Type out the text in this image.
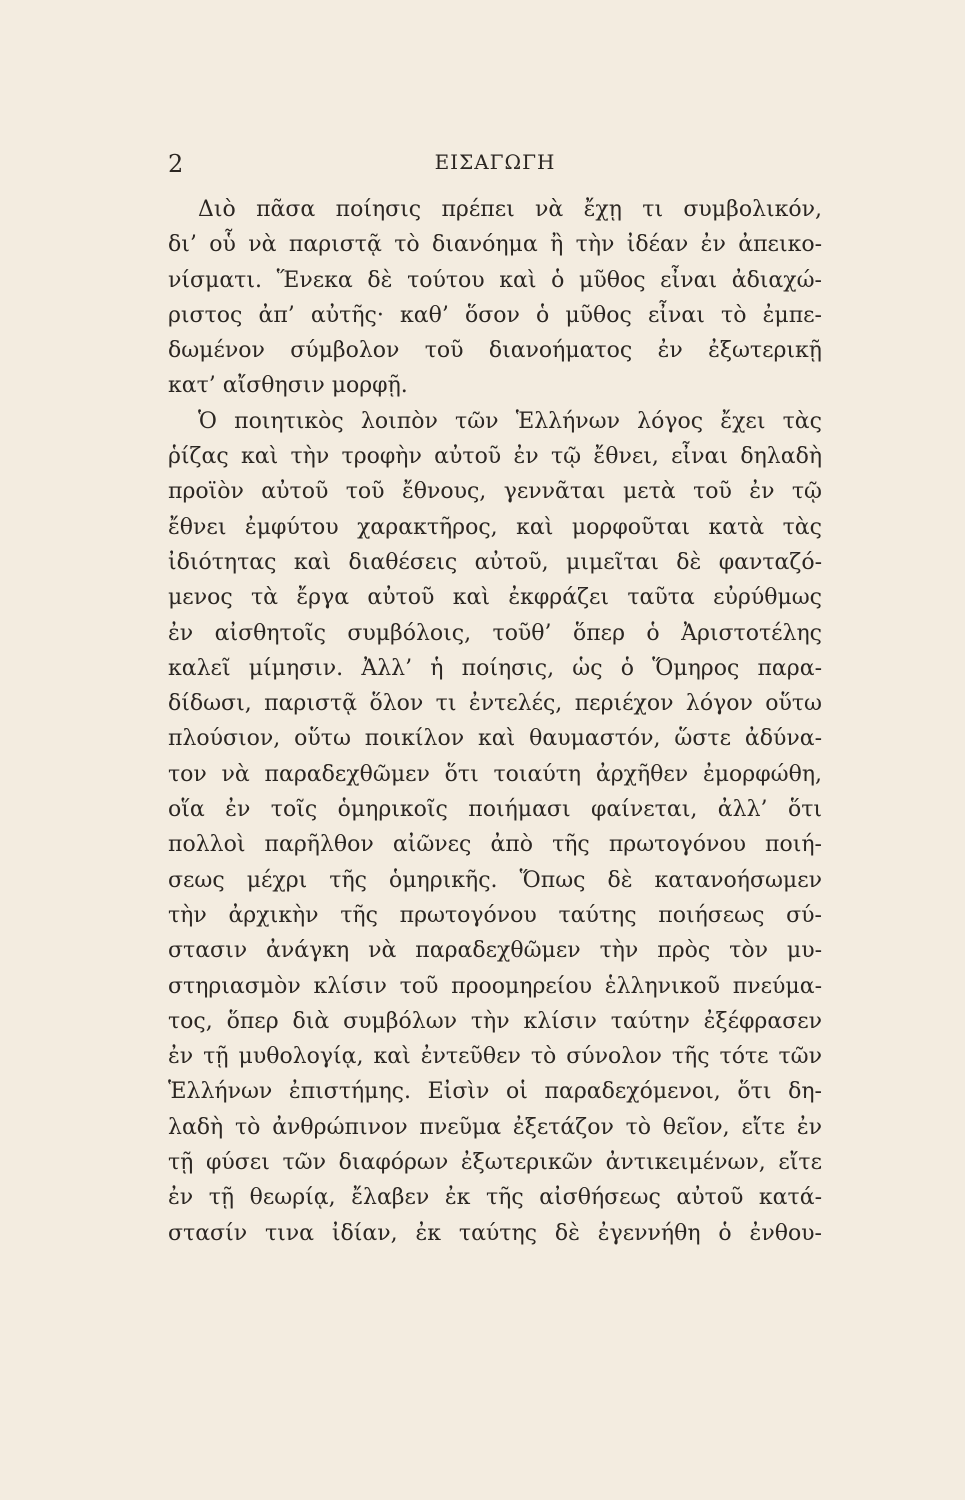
2	ΕΙΣΑΓΩΓΗ
Διὸ πᾶσα ποίησις πρέπει νὰ ἔχῃ τι συμβολικόν,
δι’ οὗ νὰ παριστᾷ τὸ διανόημα ἢ τὴν ἰδέαν ἐν ἀπεικο-
νίσματι. Ἕνεκα δὲ τούτου καὶ ὁ μῦθος εἶναι ἀδιαχώ-
ριστος ἀπ’ αὐτῆς· καθ’ ὅσον ὁ μῦθος εἶναι τὸ ἐμπε-
δωμένον σύμβολον τοῦ διανοήματος ἐν ἐξωτερικῇ
κατ’ αἴσθησιν μορφῇ.
Ὁ ποιητικὸς λοιπὸν τῶν Ἑλλήνων λόγος ἔχει τὰς
ῥίζας καὶ τὴν τροφὴν αὐτοῦ ἐν τῷ ἔθνει, εἶναι δηλαδὴ
προϊὸν αὐτοῦ τοῦ ἔθνους, γεννᾶται μετὰ τοῦ ἐν τῷ
ἔθνει ἐμφύτου χαρακτῆρος, καὶ μορφοῦται κατὰ τὰς
ἰδιότητας καὶ διαθέσεις αὐτοῦ, μιμεῖται δὲ φανταζό-
μενος τὰ ἔργα αὐτοῦ καὶ ἐκφράζει ταῦτα εὐρύθμως
ἐν αἰσθητοῖς συμβόλοις, τοῦθ’ ὅπερ ὁ Ἀριστοτέλης
καλεῖ μίμησιν. Ἀλλ’ ἡ ποίησις, ὡς ὁ Ὅμηρος παρα-
δίδωσι, παριστᾷ ὅλον τι ἐντελές, περιέχον λόγον οὕτω
πλούσιον, οὕτω ποικίλον καὶ θαυμαστόν, ὥστε ἀδύνα-
τον νὰ παραδεχθῶμεν ὅτι τοιαύτη ἀρχῆθεν ἐμορφώθη,
οἵα ἐν τοῖς ὁμηρικοῖς ποιήμασι φαίνεται, ἀλλ’ ὅτι
πολλοὶ παρῆλθον αἰῶνες ἀπὸ τῆς πρωτογόνου ποιή-
σεως μέχρι τῆς ὁμηρικῆς. Ὅπως δὲ κατανοήσωμεν
τὴν ἀρχικὴν τῆς πρωτογόνου ταύτης ποιήσεως σύ-
στασιν ἀνάγκη νὰ παραδεχθῶμεν τὴν πρὸς τὸν μυ-
στηριασμὸν κλίσιν τοῦ προομηρείου ἑλληνικοῦ πνεύμα-
τος, ὅπερ διὰ συμβόλων τὴν κλίσιν ταύτην ἐξέφρασεν
ἐν τῇ μυθολογίᾳ, καὶ ἐντεῦθεν τὸ σύνολον τῆς τότε τῶν
Ἑλλήνων ἐπιστήμης. Εἰσὶν οἱ παραδεχόμενοι, ὅτι δη-
λαδὴ τὸ ἀνθρώπινον πνεῦμα ἐξετάζον τὸ θεῖον, εἴτε ἐν
τῇ φύσει τῶν διαφόρων ἐξωτερικῶν ἀντικειμένων, εἴτε
ἐν τῇ θεωρίᾳ, ἔλαβεν ἐκ τῆς αἰσθήσεως αὐτοῦ κατά-
στασίν τινα ἰδίαν, ἐκ ταύτης δὲ ἐγεννήθη ὁ ἐνθου-
